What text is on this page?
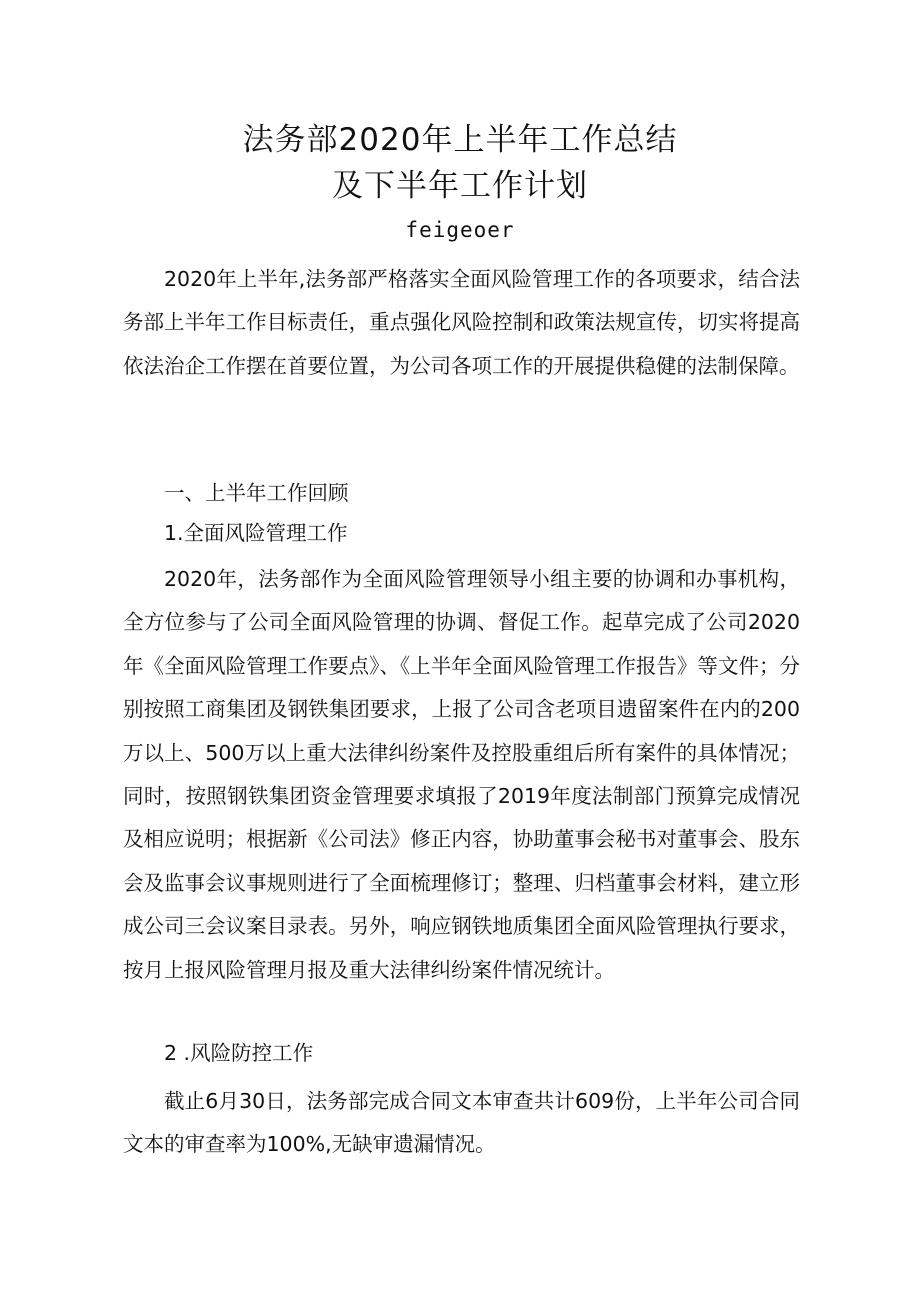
法务部2020年上半年工作总结
及下半年工作计划
feigeoer

2020年上半年,法务部严格落实全面风险管理工作的各项要求，结合法务部上半年工作目标责任，重点强化风险控制和政策法规宣传，切实将提高依法治企工作摆在首要位置，为公司各项工作的开展提供稳健的法制保障。

一、上半年工作回顾

1.全面风险管理工作

2020年，法务部作为全面风险管理领导小组主要的协调和办事机构，全方位参与了公司全面风险管理的协调、督促工作。起草完成了公司2020年《全面风险管理工作要点》、《上半年全面风险管理工作报告》等文件；分别按照工商集团及钢铁集团要求，上报了公司含老项目遗留案件在内的200万以上、500万以上重大法律纠纷案件及控股重组后所有案件的具体情况；同时，按照钢铁集团资金管理要求填报了2019年度法制部门预算完成情况及相应说明；根据新《公司法》修正内容，协助董事会秘书对董事会、股东会及监事会议事规则进行了全面梳理修订；整理、归档董事会材料，建立形成公司三会议案目录表。另外，响应钢铁地质集团全面风险管理执行要求，按月上报风险管理月报及重大法律纠纷案件情况统计。

2 .风险防控工作

截止6月30日，法务部完成合同文本审查共计609份，上半年公司合同文本的审查率为100%,无缺审遗漏情况。
